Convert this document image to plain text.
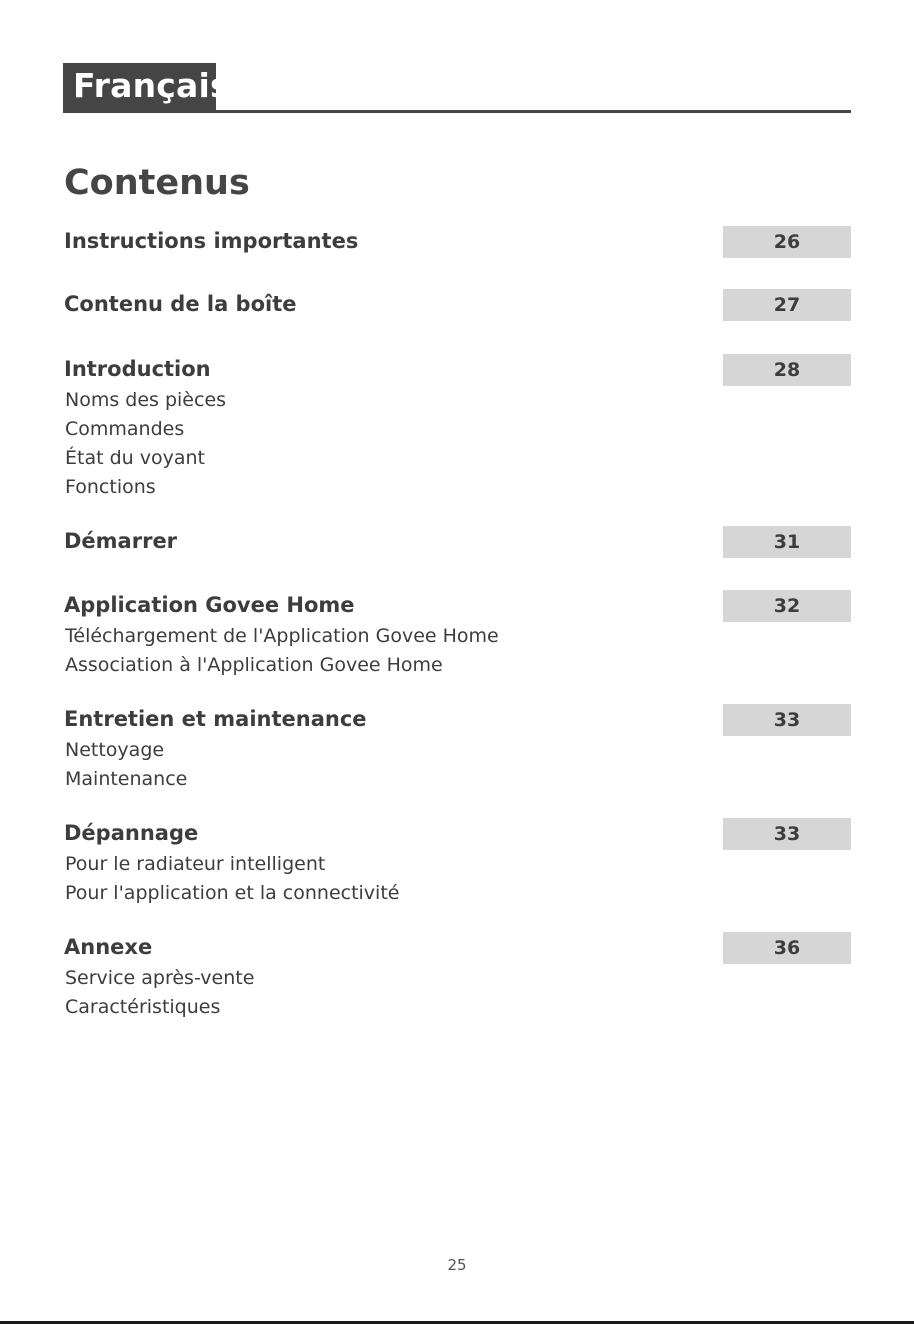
Français
Contenus
Instructions importantes	26
Contenu de la boîte	27
Introduction	28
Noms des pièces
Commandes
État du voyant
Fonctions
Démarrer	31
Application Govee Home	32
Téléchargement de l'Application Govee Home
Association à l'Application Govee Home
Entretien et maintenance	33
Nettoyage
Maintenance
Dépannage	33
Pour le radiateur intelligent
Pour l'application et la connectivité
Annexe	36
Service après-vente
Caractéristiques
25
